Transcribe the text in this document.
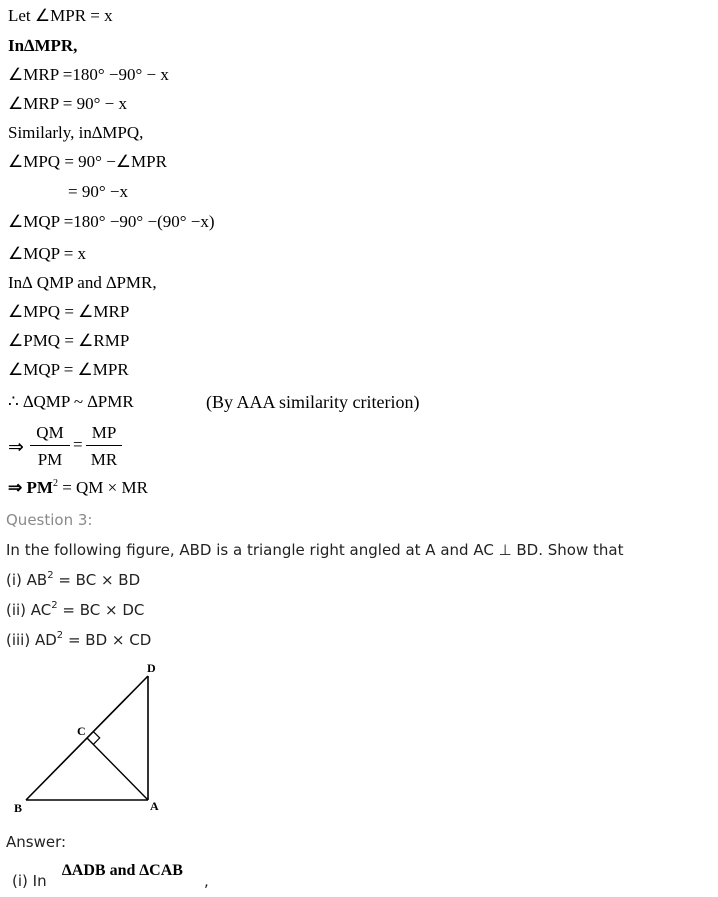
Let ∠MPR = x
In∆MPR,
∠MRP =180° −90° − x
∠MRP = 90° − x
Similarly, in∆MPQ,
∠MPQ = 90° −∠MPR
= 90° −x
∠MQP =180° −90° −(90° −x)
∠MQP = x
In∆ QMP and ∆PMR,
∠MPQ = ∠MRP
∠PMQ = ∠RMP
∠MQP = ∠MPR
∴ ∆QMP ~ ∆PMR	(By AAA similarity criterion)
⇒ $\frac{QM}{PM} = \frac{MP}{MR}$
⇒ $PM^2$ = QM × MR
Question 3:
In the following figure, ABD is a triangle right angled at A and AC ⊥ BD. Show that
(i) $AB^2$ = BC × BD
(ii) $AC^2$ = BC × DC
(iii) $AD^2$ = BD × CD
D
C
B	A
Answer:
(i) In
∆ADB and ∆CAB
,
